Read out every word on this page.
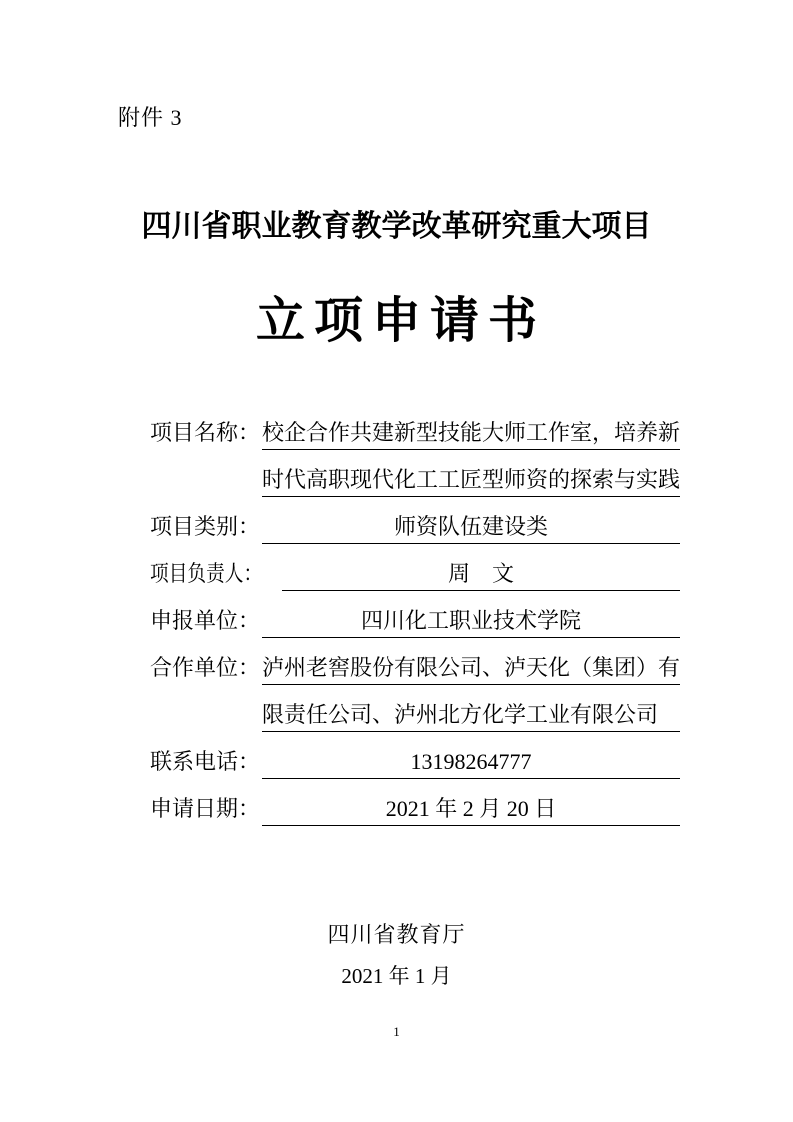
附件 3
四川省职业教育教学改革研究重大项目
立项申请书
项目名称： 校企合作共建新型技能大师工作室，培养新
时代高职现代化工工匠型师资的探索与实践
项目类别：	师资队伍建设类
项目负责人：	周　文
申报单位：	四川化工职业技术学院
合作单位： 泸州老窖股份有限公司、泸天化（集团）有
限责任公司、泸州北方化学工业有限公司
联系电话：	13198264777
申请日期：	2021 年 2 月 20 日
四川省教育厅
2021 年 1 月
1
